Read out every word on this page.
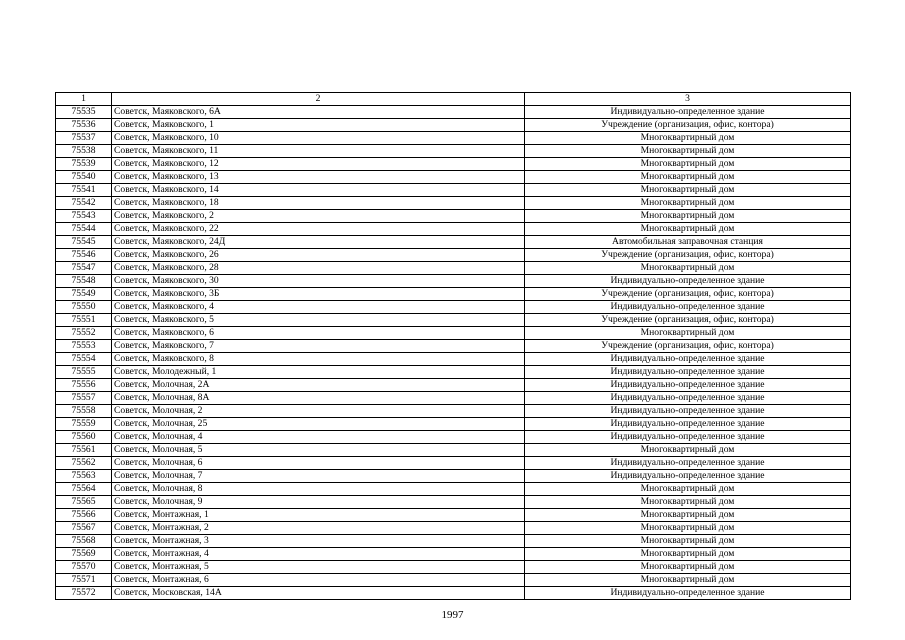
1	2	3
75535	Советск, Маяковского, 6А	Индивидуально-определенное здание
75536	Советск, Маяковского, 1	Учреждение (организация, офис, контора)
75537	Советск, Маяковского, 10	Многоквартирный дом
75538	Советск, Маяковского, 11	Многоквартирный дом
75539	Советск, Маяковского, 12	Многоквартирный дом
75540	Советск, Маяковского, 13	Многоквартирный дом
75541	Советск, Маяковского, 14	Многоквартирный дом
75542	Советск, Маяковского, 18	Многоквартирный дом
75543	Советск, Маяковского, 2	Многоквартирный дом
75544	Советск, Маяковского, 22	Многоквартирный дом
75545	Советск, Маяковского, 24Д	Автомобильная заправочная станция
75546	Советск, Маяковского, 26	Учреждение (организация, офис, контора)
75547	Советск, Маяковского, 28	Многоквартирный дом
75548	Советск, Маяковского, 30	Индивидуально-определенное здание
75549	Советск, Маяковского, 3Б	Учреждение (организация, офис, контора)
75550	Советск, Маяковского, 4	Индивидуально-определенное здание
75551	Советск, Маяковского, 5	Учреждение (организация, офис, контора)
75552	Советск, Маяковского, 6	Многоквартирный дом
75553	Советск, Маяковского, 7	Учреждение (организация, офис, контора)
75554	Советск, Маяковского, 8	Индивидуально-определенное здание
75555	Советск, Молодежный, 1	Индивидуально-определенное здание
75556	Советск, Молочная, 2А	Индивидуально-определенное здание
75557	Советск, Молочная, 8А	Индивидуально-определенное здание
75558	Советск, Молочная, 2	Индивидуально-определенное здание
75559	Советск, Молочная, 25	Индивидуально-определенное здание
75560	Советск, Молочная, 4	Индивидуально-определенное здание
75561	Советск, Молочная, 5	Многоквартирный дом
75562	Советск, Молочная, 6	Индивидуально-определенное здание
75563	Советск, Молочная, 7	Индивидуально-определенное здание
75564	Советск, Молочная, 8	Многоквартирный дом
75565	Советск, Молочная, 9	Многоквартирный дом
75566	Советск, Монтажная, 1	Многоквартирный дом
75567	Советск, Монтажная, 2	Многоквартирный дом
75568	Советск, Монтажная, 3	Многоквартирный дом
75569	Советск, Монтажная, 4	Многоквартирный дом
75570	Советск, Монтажная, 5	Многоквартирный дом
75571	Советск, Монтажная, 6	Многоквартирный дом
75572	Советск, Московская, 14А	Индивидуально-определенное здание
1997
